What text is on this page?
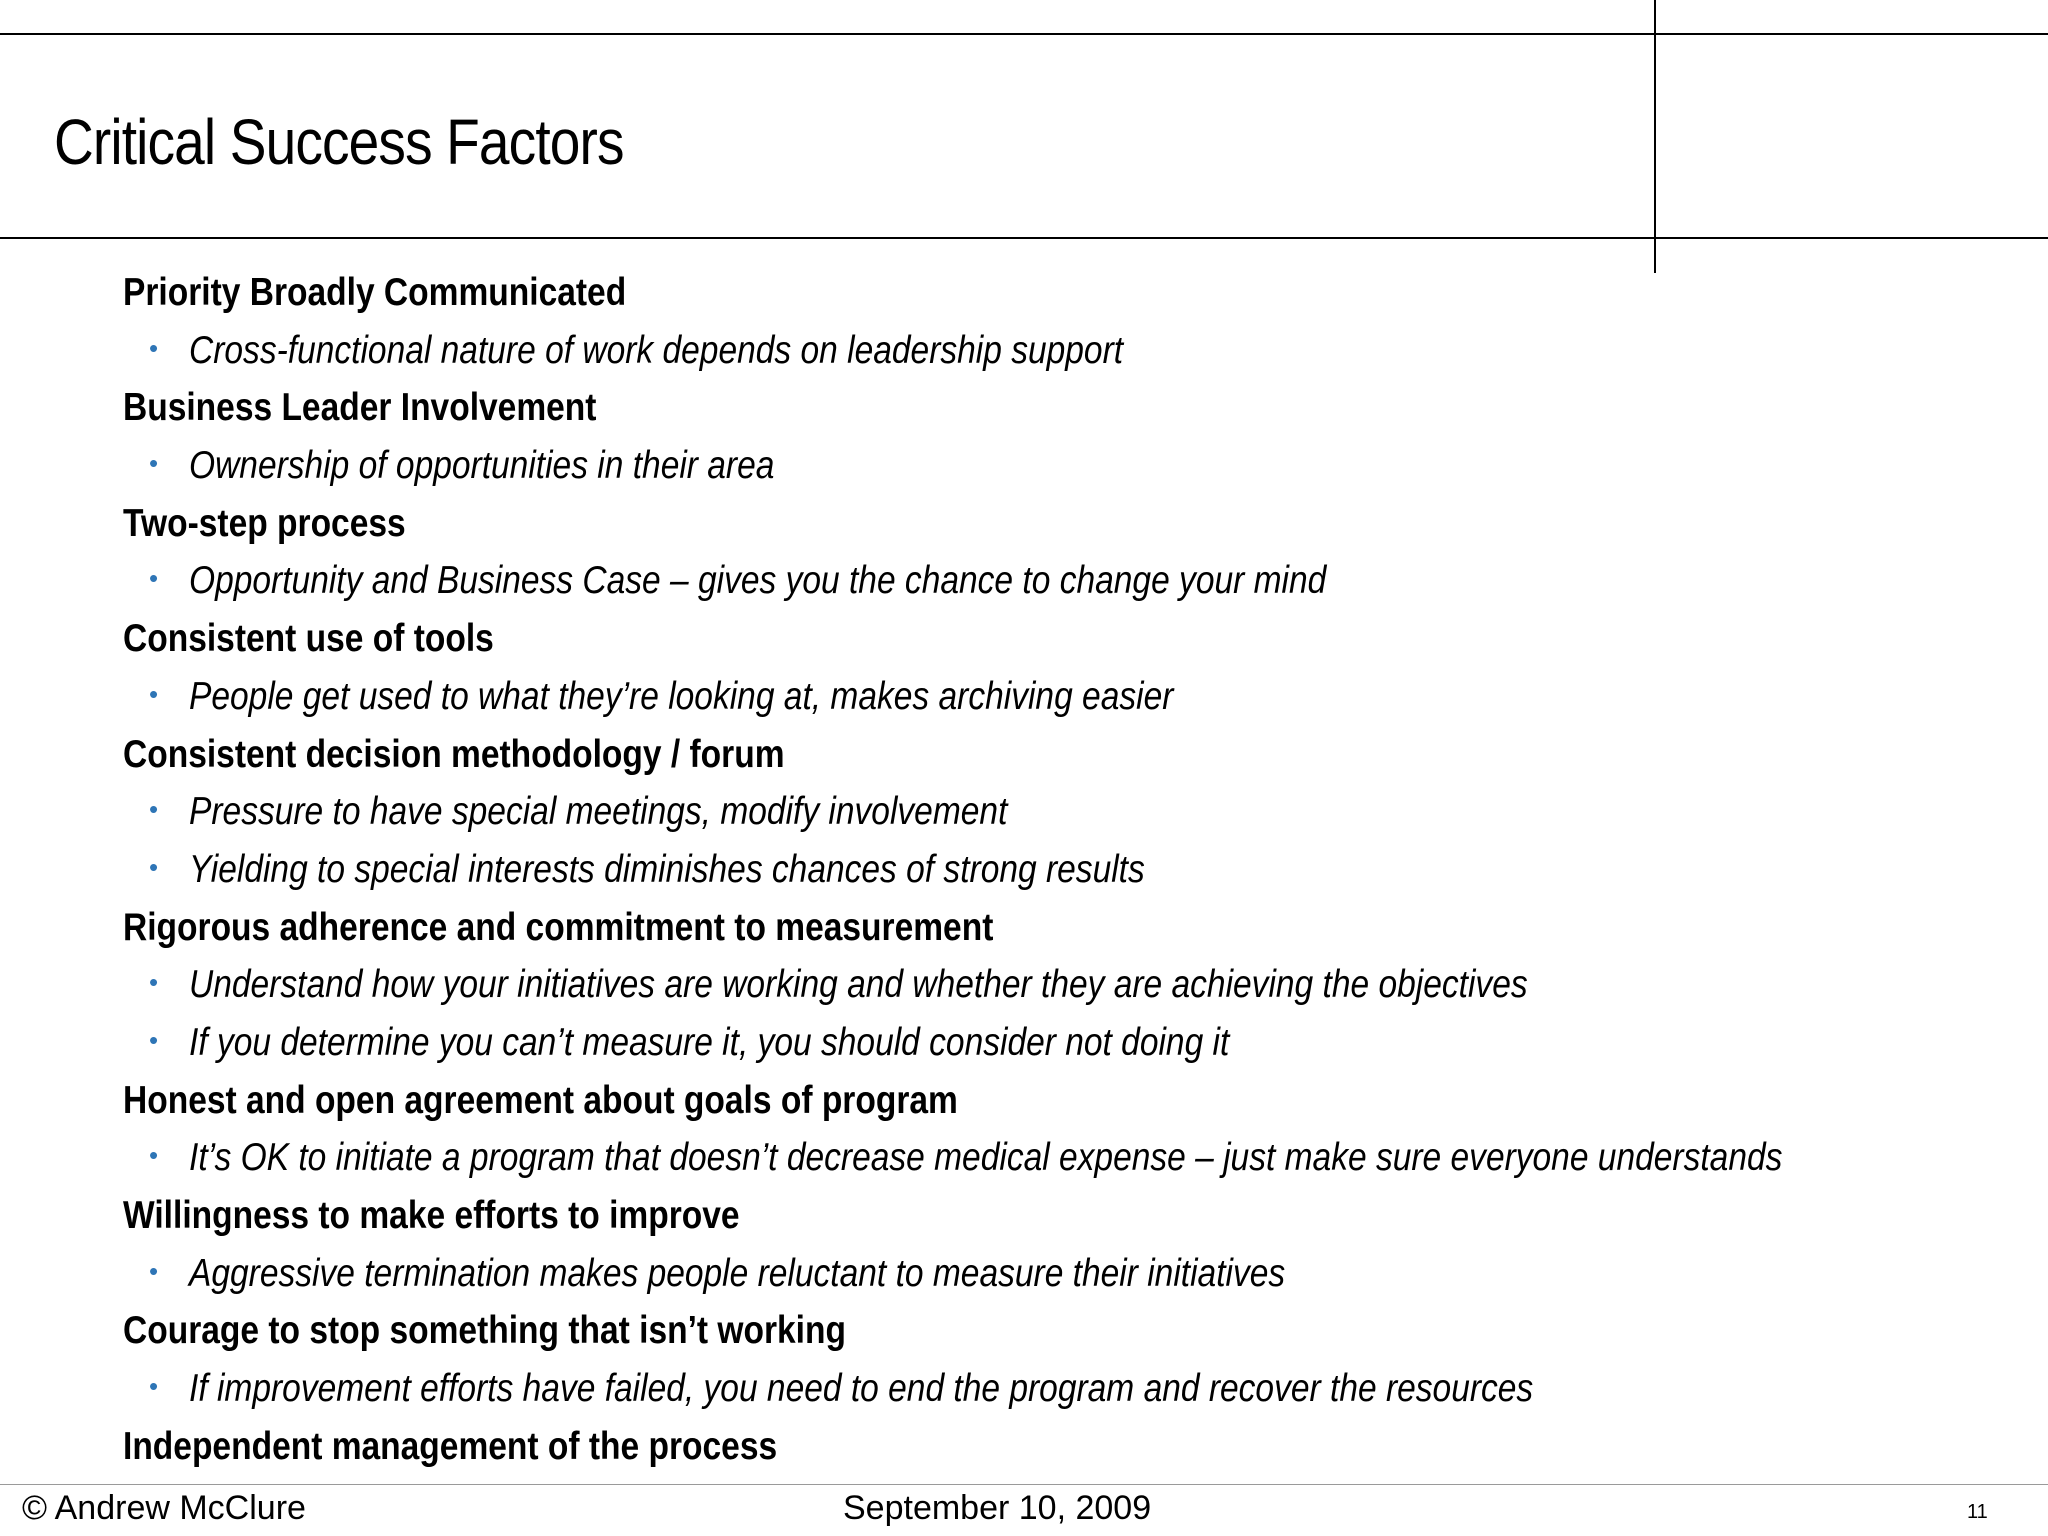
Critical Success Factors
Priority Broadly Communicated
• Cross-functional nature of work depends on leadership support
Business Leader Involvement
• Ownership of opportunities in their area
Two-step process
• Opportunity and Business Case – gives you the chance to change your mind
Consistent use of tools
• People get used to what they’re looking at, makes archiving easier
Consistent decision methodology / forum
• Pressure to have special meetings, modify involvement
• Yielding to special interests diminishes chances of strong results
Rigorous adherence and commitment to measurement
• Understand how your initiatives are working and whether they are achieving the objectives
• If you determine you can’t measure it, you should consider not doing it
Honest and open agreement about goals of program
• It’s OK to initiate a program that doesn’t decrease medical expense – just make sure everyone understands
Willingness to make efforts to improve
• Aggressive termination makes people reluctant to measure their initiatives
Courage to stop something that isn’t working
• If improvement efforts have failed, you need to end the program and recover the resources
Independent management of the process
© Andrew McClure	September 10, 2009	11
